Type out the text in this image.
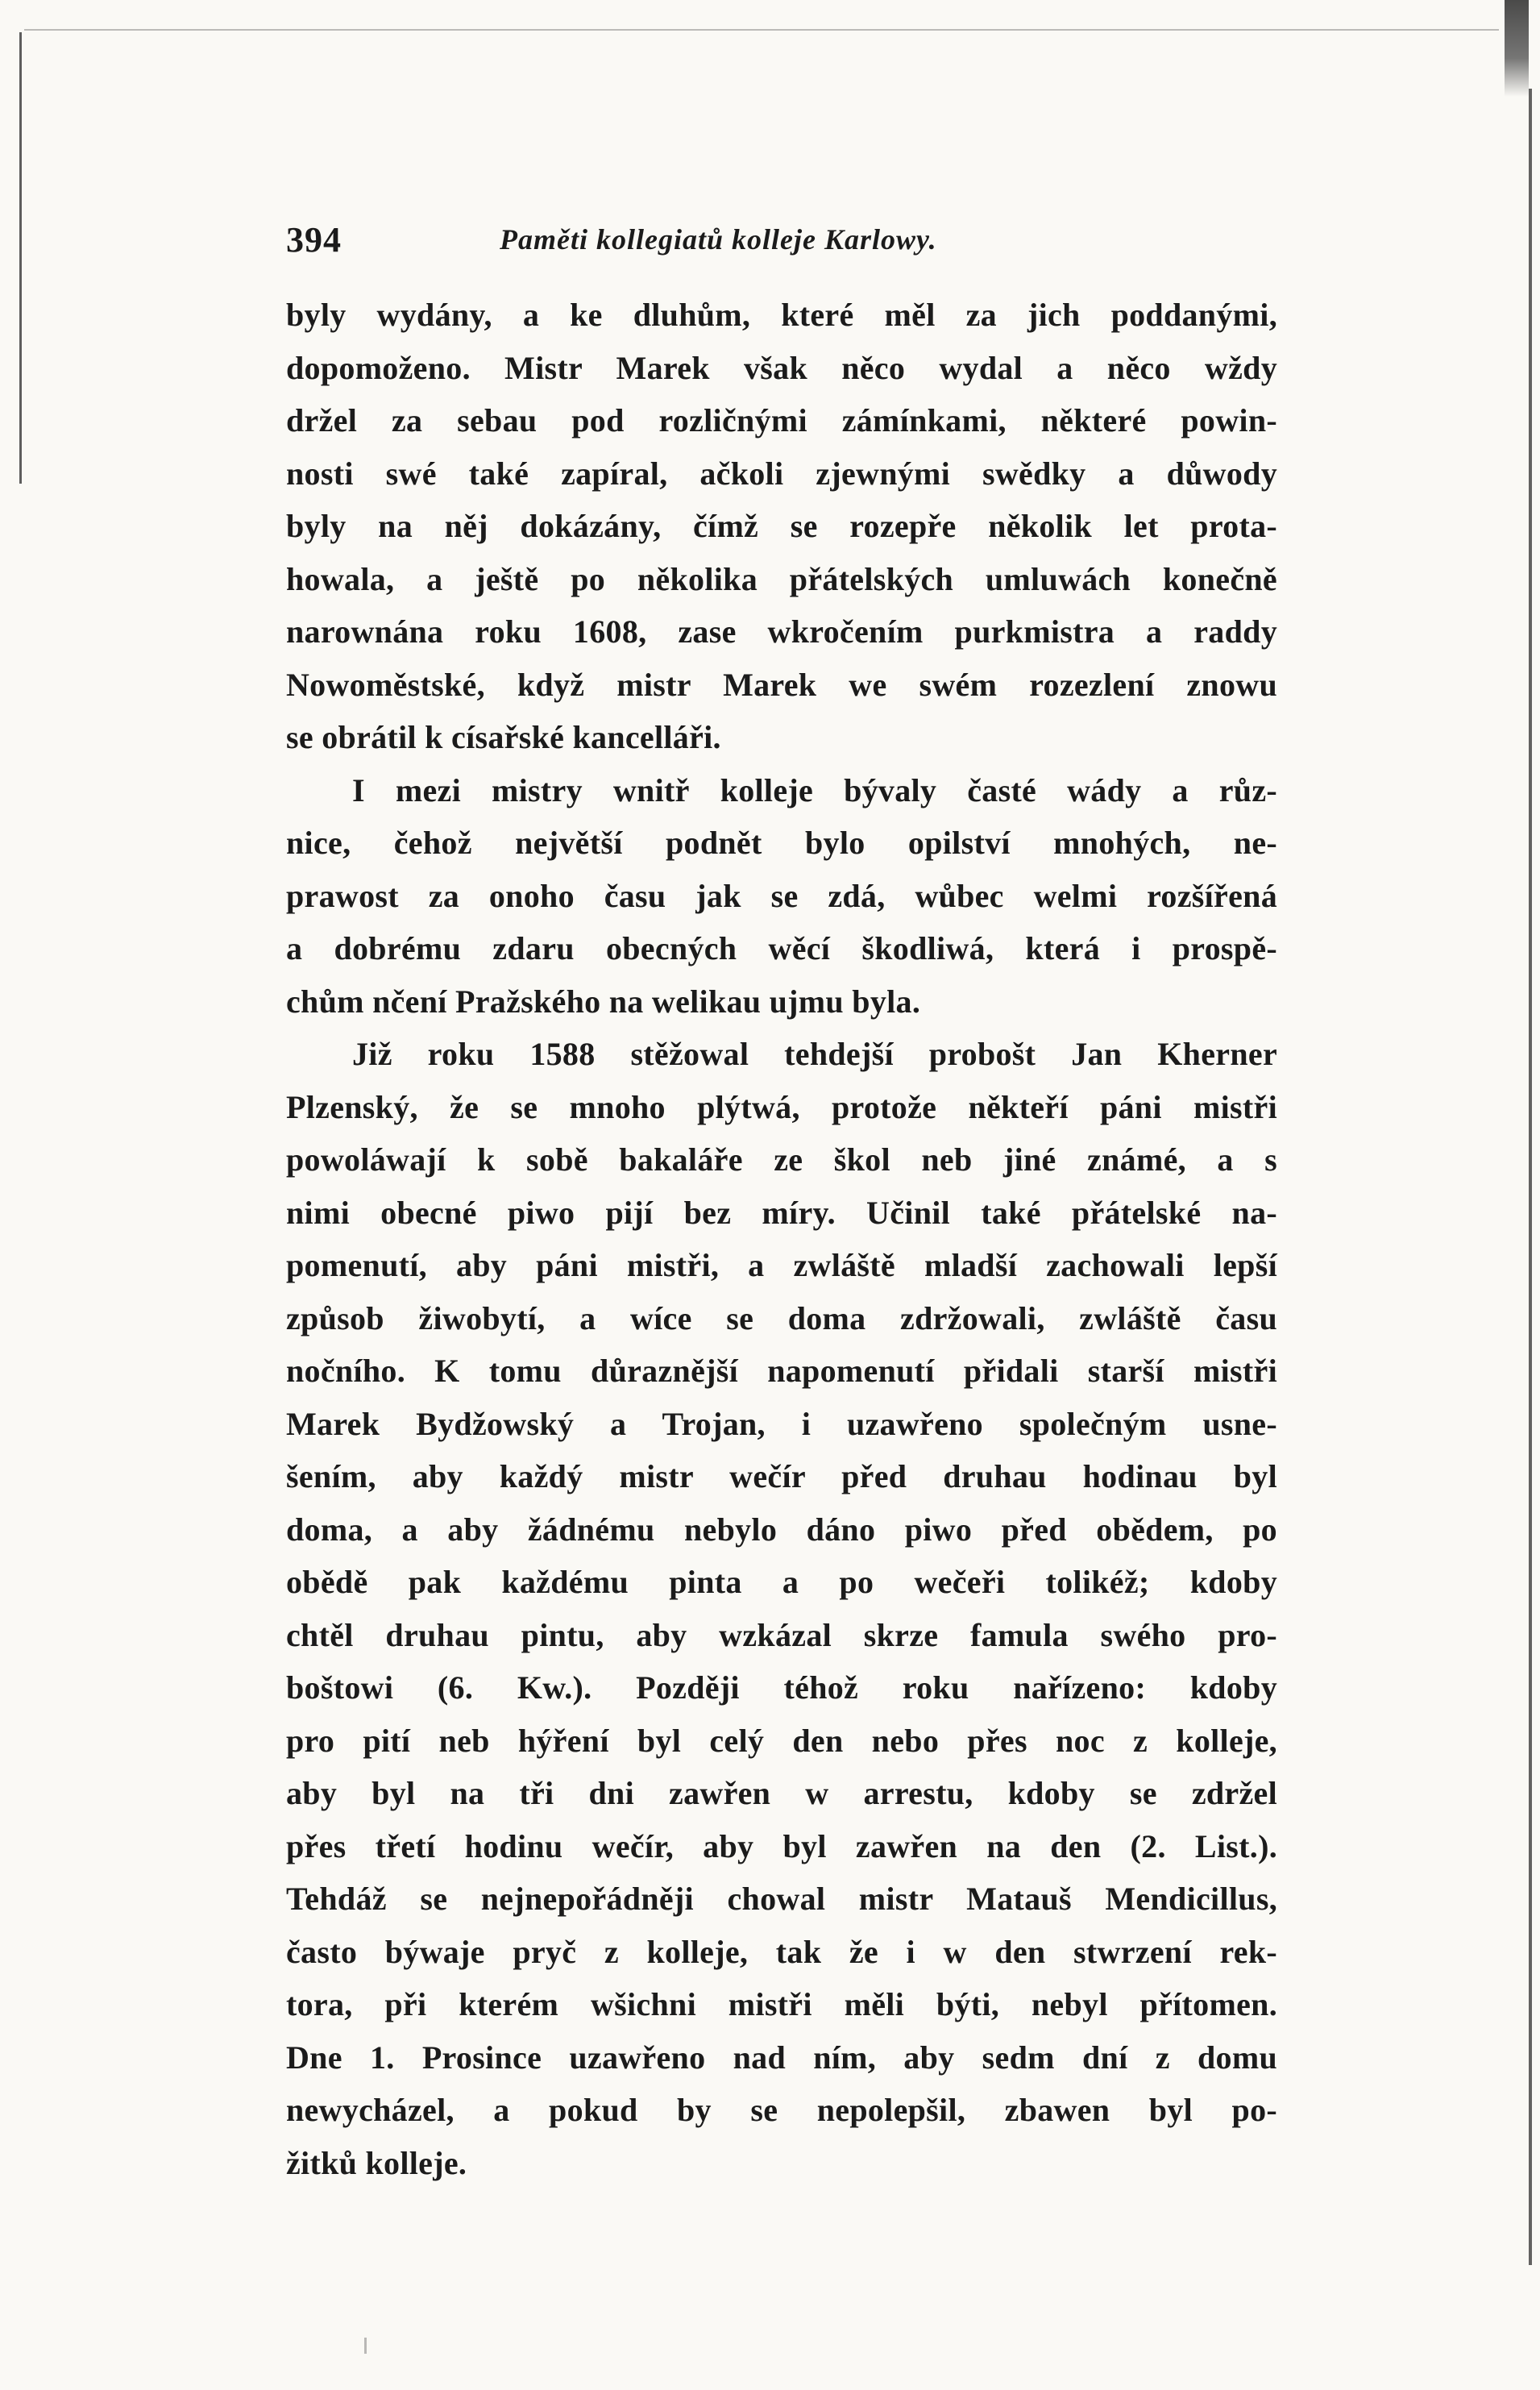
394	Paměti kollegiatů kolleje Karlowy.
byly wydány, a ke dluhům, které měl za jich poddanými,
dopomoženo. Mistr Marek však něco wydal a něco wždy
držel za sebau pod rozličnými zámínkami, některé powin-
nosti swé také zapíral, ačkoli zjewnými swědky a důwody
byly na něj dokázány, čímž se rozepře několik let prota-
howala, a ještě po několika přátelských umluwách konečně
narownána roku 1608, zase wkročením purkmistra a raddy
Nowoměstské, když mistr Marek we swém rozezlení znowu
se obrátil k císařské kancelláři.
I mezi mistry wnitř kolleje bývaly časté wády a růz-
nice, čehož největší podnět bylo opilství mnohých, ne-
prawost za onoho času jak se zdá, wůbec welmi rozšířená
a dobrému zdaru obecných wěcí škodliwá, která i prospě-
chům nčení Pražského na welikau ujmu byla.
Již roku 1588 stěžowal tehdejší probošt Jan Kherner
Plzenský, že se mnoho plýtwá, protože někteří páni mistři
powoláwají k sobě bakaláře ze škol neb jiné známé, a s
nimi obecné piwo pijí bez míry. Učinil také přátelské na-
pomenutí, aby páni mistři, a zwláště mladší zachowali lepší
způsob žiwobytí, a wíce se doma zdržowali, zwláště času
nočního. K tomu důraznější napomenutí přidali starší mistři
Marek Bydžowský a Trojan, i uzawřeno společným usne-
šením, aby každý mistr wečír před druhau hodinau byl
doma, a aby žádnému nebylo dáno piwo před obědem, po
obědě pak každému pinta a po wečeři tolikéž; kdoby
chtěl druhau pintu, aby wzkázal skrze famula swého pro-
boštowi (6. Kw.). Později téhož roku nařízeno: kdoby
pro pití neb hýření byl celý den nebo přes noc z kolleje,
aby byl na tři dni zawřen w arrestu, kdoby se zdržel
přes třetí hodinu wečír, aby byl zawřen na den (2. List.).
Tehdáž se nejnepořádněji chowal mistr Matauš Mendicillus,
často býwaje pryč z kolleje, tak že i w den stwrzení rek-
tora, při kterém wšichni mistři měli býti, nebyl přítomen.
Dne 1. Prosince uzawřeno nad ním, aby sedm dní z domu
newycházel, a pokud by se nepolepšil, zbawen byl po-
žitků kolleje.
